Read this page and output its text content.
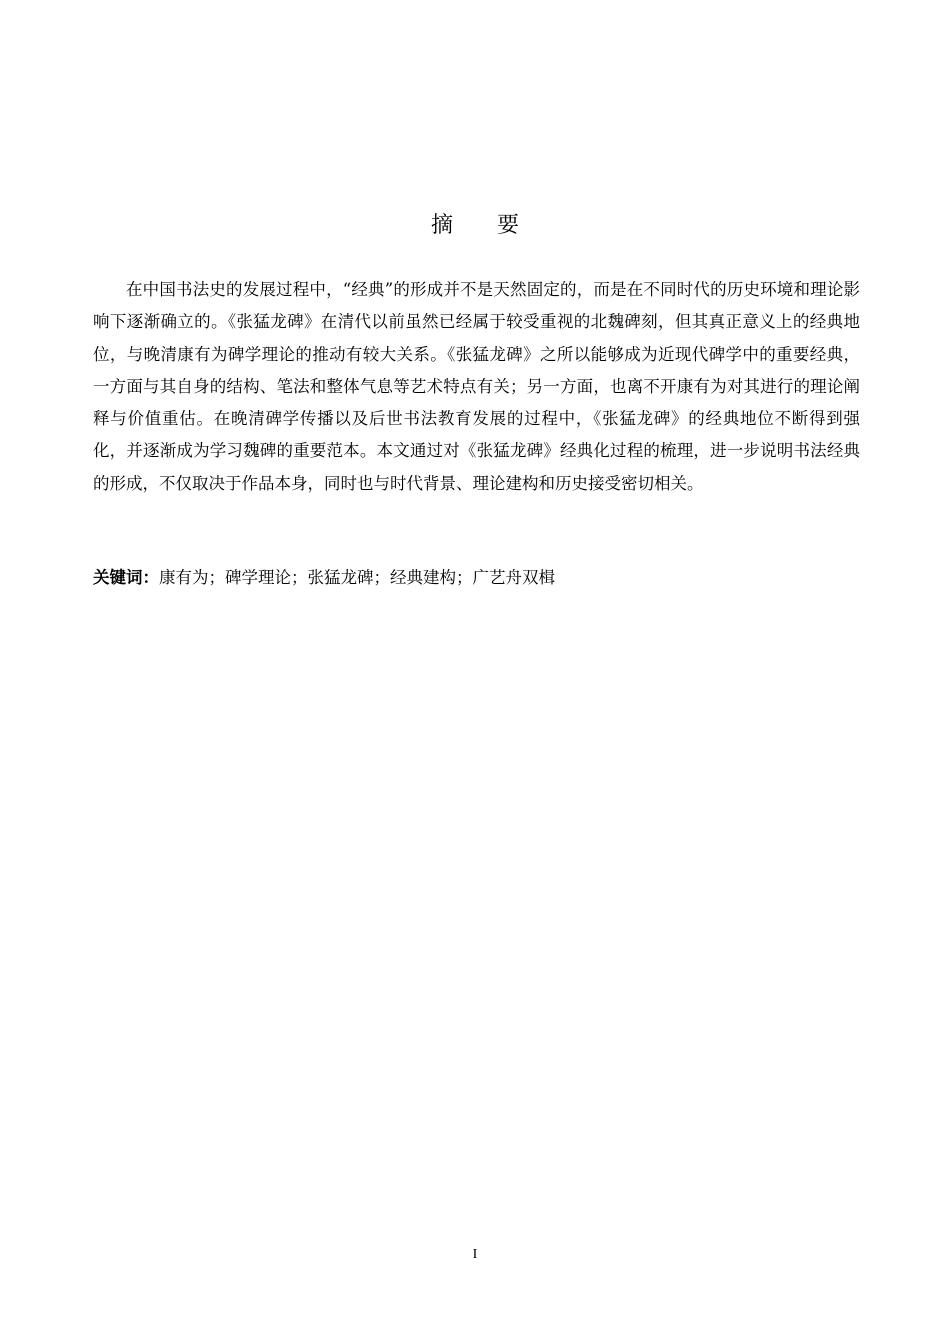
摘要

在中国书法史的发展过程中，“经典”的形成并不是天然固定的，而是在不同时代的历史环境和理论影响下逐渐确立的。《张猛龙碑》在清代以前虽然已经属于较受重视的北魏碑刻，但其真正意义上的经典地位，与晚清康有为碑学理论的推动有较大关系。《张猛龙碑》之所以能够成为近现代碑学中的重要经典，一方面与其自身的结构、笔法和整体气息等艺术特点有关；另一方面，也离不开康有为对其进行的理论阐释与价值重估。在晚清碑学传播以及后世书法教育发展的过程中，《张猛龙碑》的经典地位不断得到强化，并逐渐成为学习魏碑的重要范本。本文通过对《张猛龙碑》经典化过程的梳理，进一步说明书法经典的形成，不仅取决于作品本身，同时也与时代背景、理论建构和历史接受密切相关。

关键词：康有为；碑学理论；张猛龙碑；经典建构；广艺舟双楫

I
